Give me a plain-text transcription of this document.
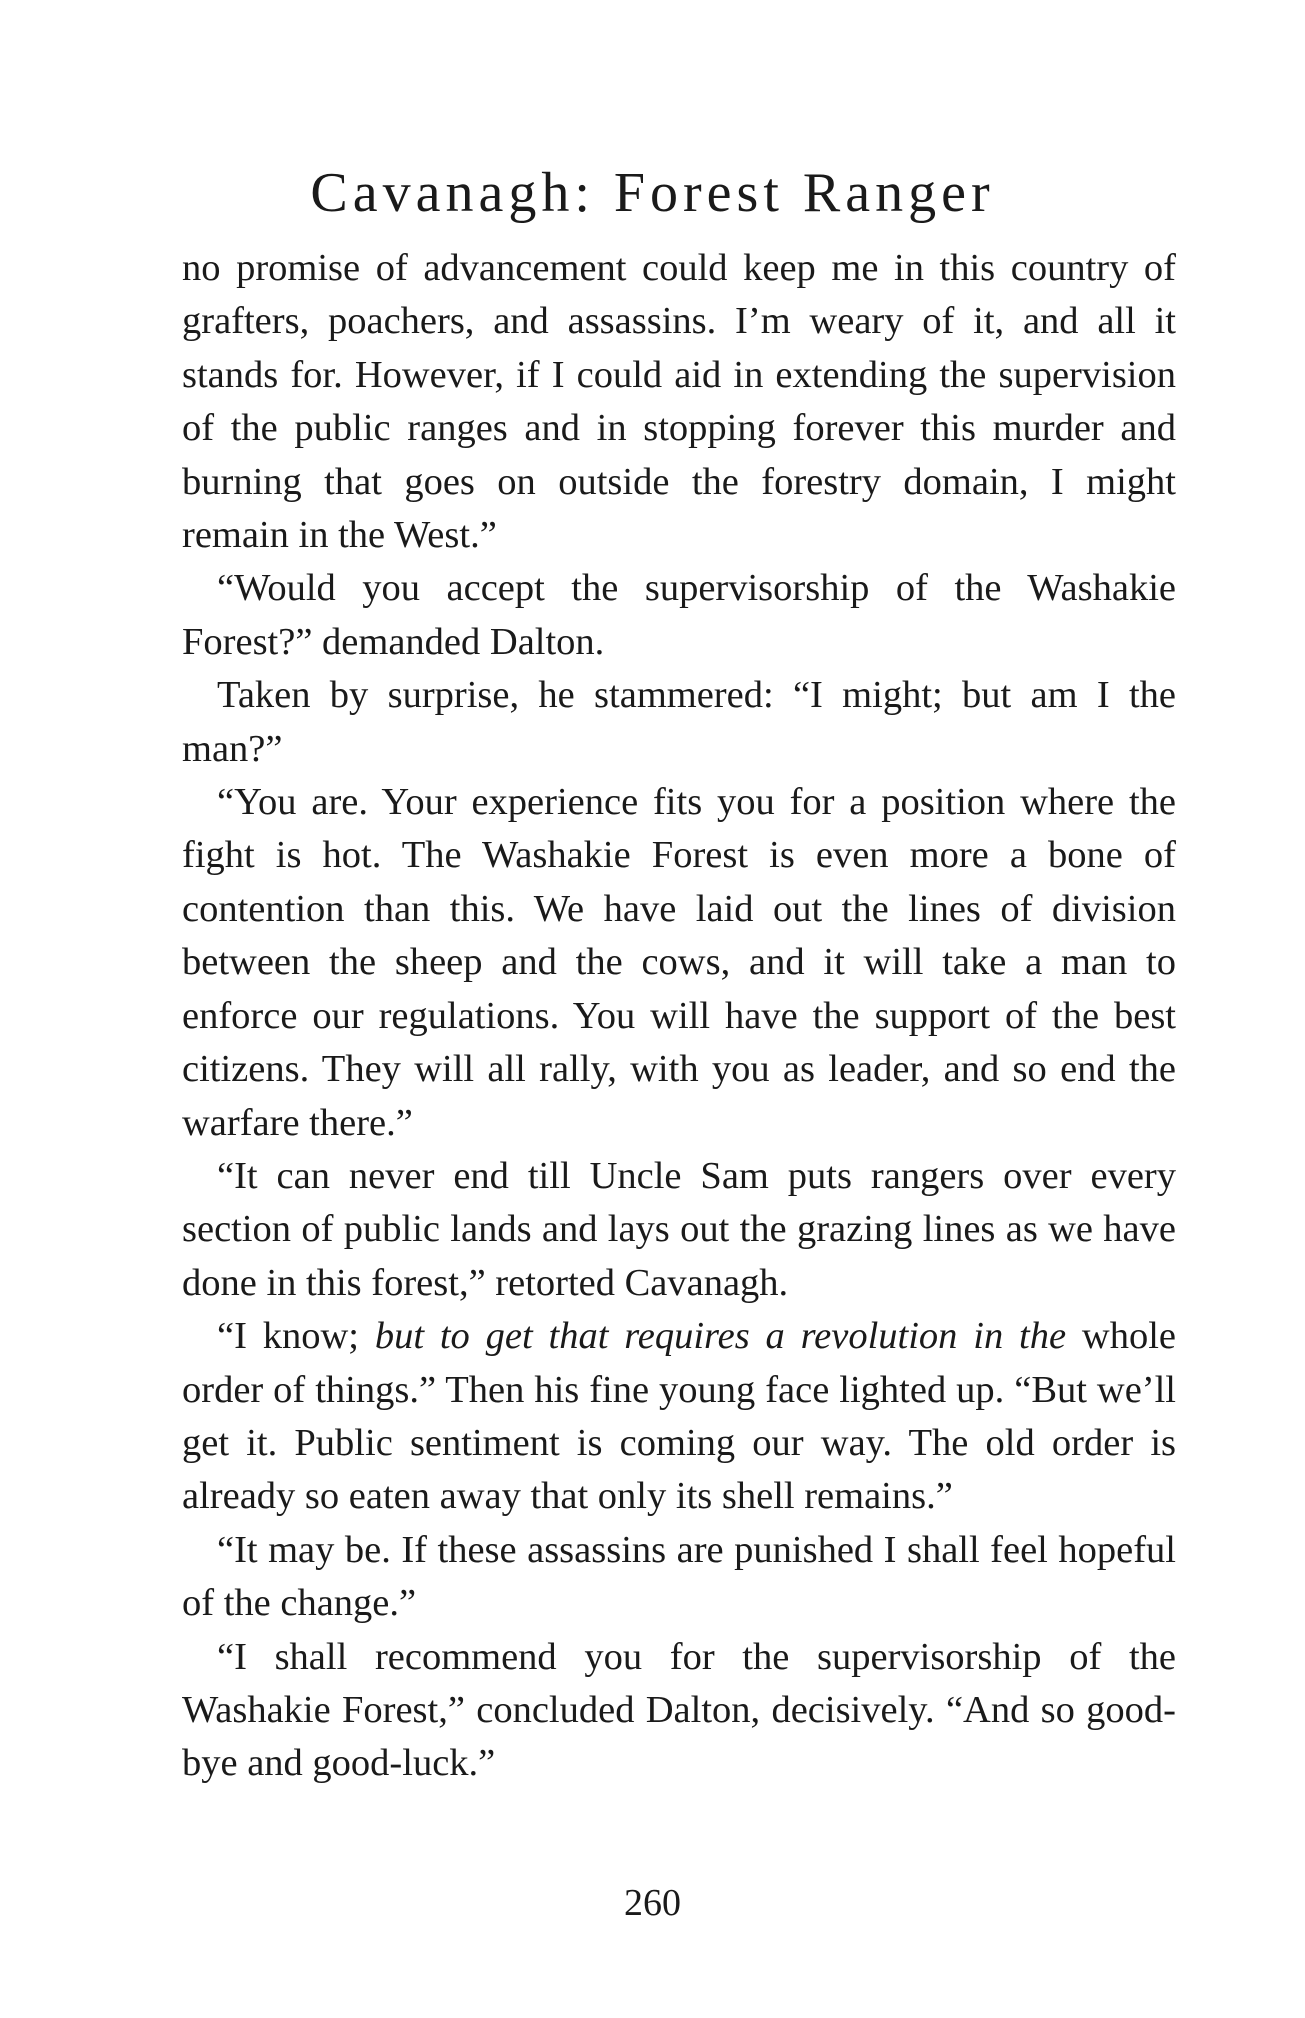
Cavanagh: Forest Ranger

no promise of advancement could keep me in this country of grafters, poachers, and assassins. I’m weary of it, and all it stands for. However, if I could aid in extending the supervision of the public ranges and in stopping forever this murder and burning that goes on outside the forestry domain, I might remain in the West.”

“Would you accept the supervisorship of the Washakie Forest?” demanded Dalton.

Taken by surprise, he stammered: “I might; but am I the man?”

“You are. Your experience fits you for a position where the fight is hot. The Washakie Forest is even more a bone of contention than this. We have laid out the lines of division between the sheep and the cows, and it will take a man to enforce our regulations. You will have the support of the best citizens. They will all rally, with you as leader, and so end the warfare there.”

“It can never end till Uncle Sam puts rangers over every section of public lands and lays out the grazing lines as we have done in this forest,” retorted Cavanagh.

“I know; but to get that requires a revolution in the whole order of things.” Then his fine young face lighted up. “But we’ll get it. Public sentiment is coming our way. The old order is already so eaten away that only its shell remains.”

“It may be. If these assassins are punished I shall feel hopeful of the change.”

“I shall recommend you for the supervisorship of the Washakie Forest,” concluded Dalton, decisively. “And so good-bye and good-luck.”

260
